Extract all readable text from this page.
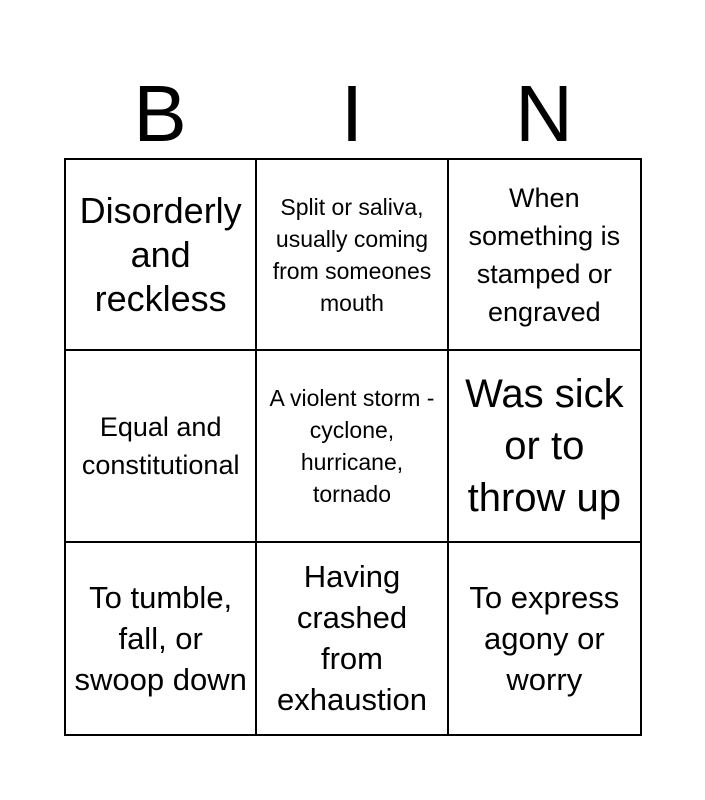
B	I	N
Disorderly and reckless
Split or saliva, usually coming from someones mouth
When something is stamped or engraved
Equal and constitutional
A violent storm - cyclone, hurricane, tornado
Was sick or to throw up
To tumble, fall, or swoop down
Having crashed from exhaustion
To express agony or worry
